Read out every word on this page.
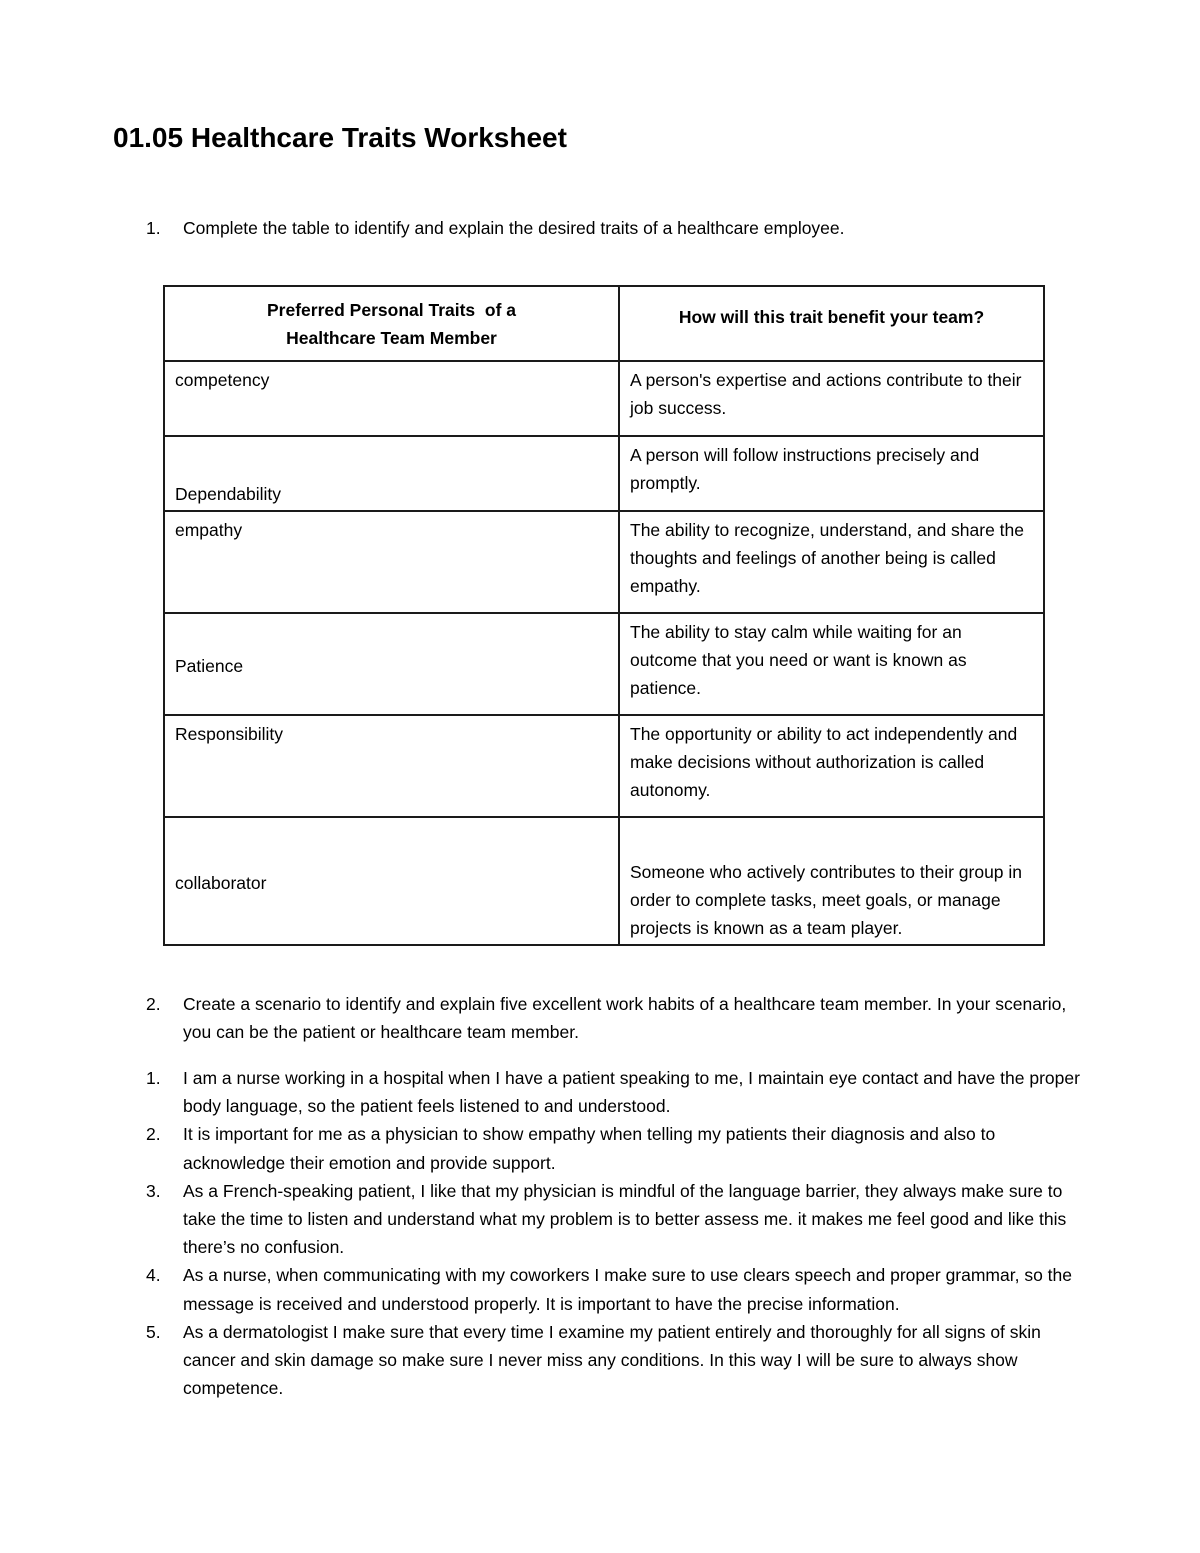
01.05 Healthcare Traits Worksheet
1. Complete the table to identify and explain the desired traits of a healthcare employee.
Preferred Personal Traits  of a
Healthcare Team Member	How will this trait benefit your team?
competency	A person's expertise and actions contribute to their job success.
Dependability	A person will follow instructions precisely and promptly.
empathy	The ability to recognize, understand, and share the thoughts and feelings of another being is called empathy.
Patience	The ability to stay calm while waiting for an outcome that you need or want is known as patience.
Responsibility	The opportunity or ability to act independently and make decisions without authorization is called autonomy.
collaborator	Someone who actively contributes to their group in order to complete tasks, meet goals, or manage projects is known as a team player.
2. Create a scenario to identify and explain five excellent work habits of a healthcare team member. In your scenario, you can be the patient or healthcare team member.
1. I am a nurse working in a hospital when I have a patient speaking to me, I maintain eye contact and have the proper body language, so the patient feels listened to and understood.
2. It is important for me as a physician to show empathy when telling my patients their diagnosis and also to acknowledge their emotion and provide support.
3. As a French-speaking patient, I like that my physician is mindful of the language barrier, they always make sure to take the time to listen and understand what my problem is to better assess me. it makes me feel good and like this there’s no confusion.
4. As a nurse, when communicating with my coworkers I make sure to use clears speech and proper grammar, so the message is received and understood properly. It is important to have the precise information.
5. As a dermatologist I make sure that every time I examine my patient entirely and thoroughly for all signs of skin cancer and skin damage so make sure I never miss any conditions. In this way I will be sure to always show competence.
